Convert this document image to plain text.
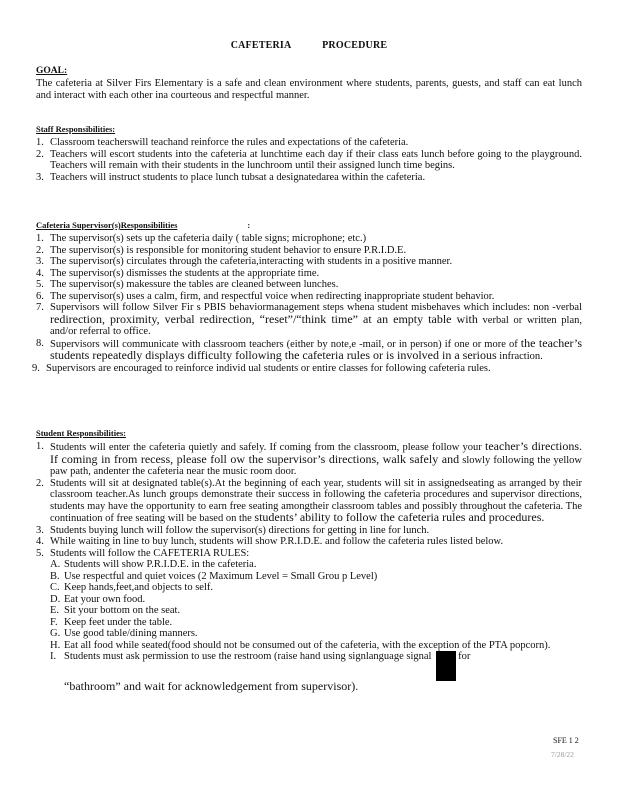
CAFETERIA	PROCEDURE
GOAL:
The cafeteria at Silver Firs Elementary is a safe and clean environment where students, parents, guests, and staff can eat lunch and interact with each other ina courteous and respectful manner.
Staff Responsibilities:
1. Classroom teacherswill teachand reinforce the rules and expectations of the cafeteria.
2. Teachers will escort students into the cafeteria at lunchtime each day if their class eats lunch before going to the playground. Teachers will remain with their students in the lunchroom until their assigned lunch time begins.
3. Teachers will instruct students to place lunch tubsat a designatedarea within the cafeteria.
Cafeteria Supervisor(s)Responsibilities	:
1. The supervisor(s) sets up the cafeteria daily ( table signs; microphone; etc.)
2. The supervisor(s) is responsible for monitoring student behavior to ensure P.R.I.D.E.
3. The supervisor(s) circulates through the cafeteria,interacting with students in a positive manner.
4. The supervisor(s) dismisses the students at the appropriate time.
5. The supervisor(s) makessure the tables are cleaned between lunches.
6. The supervisor(s) uses a calm, firm, and respectful voice when redirecting inappropriate student behavior.
7. Supervisors will follow Silver Fir s PBIS behaviormanagement steps whena student misbehaves which includes: non -verbal redirection, proximity, verbal redirection, “reset”/“think time” at an empty table with verbal or written plan, and/or referral to office.
8. Supervisors will communicate with classroom teachers (either by note,e -mail, or in person) if one or more of the teacher’s students repeatedly displays difficulty following the cafeteria rules or is involved in a serious infraction.
9. Supervisors are encouraged to reinforce individ ual students or entire classes for following cafeteria rules.
Student Responsibilities:
1. Students will enter the cafeteria quietly and safely. If coming from the classroom, please follow your teacher’s directions. If coming in from recess, please foll ow the supervisor’s directions, walk safely and slowly following the yellow paw path, andenter the cafeteria near the music room door.
2. Students will sit at designated table(s).At the beginning of each year, students will sit in assignedseating as arranged by their classroom teacher.As lunch groups demonstrate their success in following the cafeteria procedures and supervisor directions, students may have the opportunity to earn free seating amongtheir classroom tables and possibly throughout the cafeteria. The continuation of free seating will be based on the students’ ability to follow the cafeteria rules and procedures.
3. Students buying lunch will follow the supervisor(s) directions for getting in line for lunch.
4. While waiting in line to buy lunch, students will show P.R.I.D.E. and follow the cafeteria rules listed below.
5. Students will follow the CAFETERIA RULES:
A. Students will show P.R.I.D.E. in the cafeteria.
B. Use respectful and quiet voices (2 Maximum Level = Small Grou p Level)
C. Keep hands,feet,and objects to self.
D. Eat your own food.
E. Sit your bottom on the seat.
F. Keep feet under the table.
G. Use good table/dining manners.
H. Eat all food while seated(food should not be consumed out of the cafeteria, with the exception of the PTA popcorn).
I. Students must ask permission to use the restroom (raise hand using signlanguage signal for
“bathroom” and wait for acknowledgement from supervisor).
SFE 1 2
7/28/22
